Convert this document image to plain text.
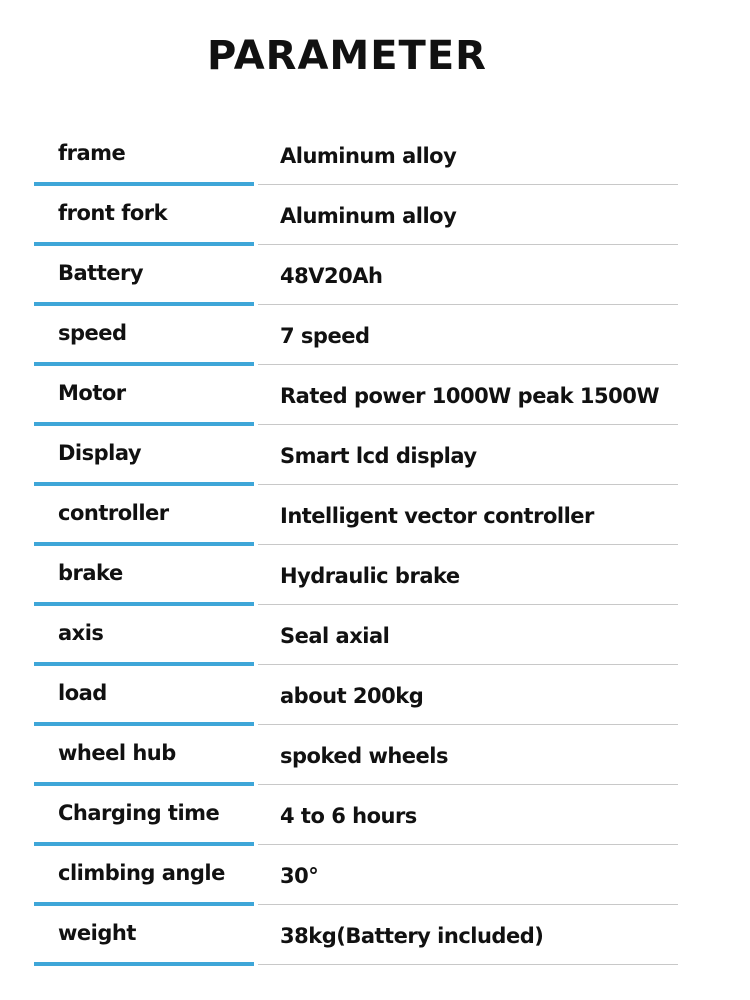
PARAMETER
frame	Aluminum alloy
front fork	Aluminum alloy
Battery	48V20Ah
speed	7 speed
Motor	Rated power 1000W peak 1500W
Display	Smart lcd display
controller	Intelligent vector controller
brake	Hydraulic brake
axis	Seal axial
load	about 200kg
wheel hub	spoked wheels
Charging time	4 to 6 hours
climbing angle	30°
weight	38kg(Battery included)
